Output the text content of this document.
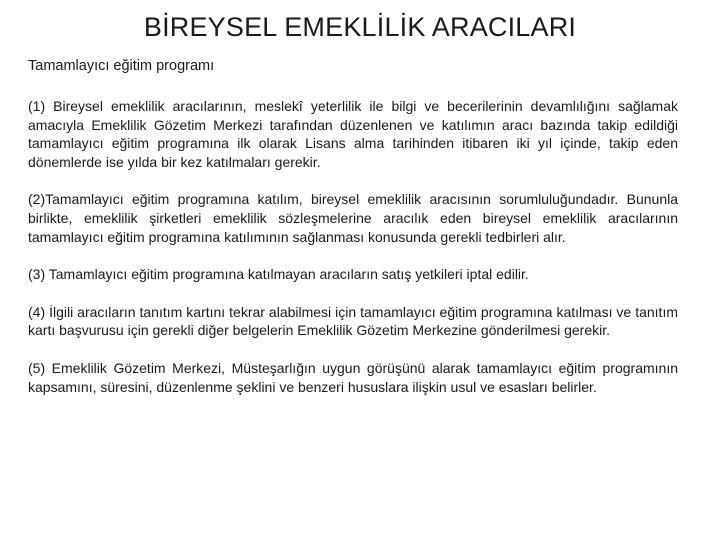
BİREYSEL EMEKLİLİK ARACILARI

Tamamlayıcı eğitim programı

(1) Bireysel emeklilik aracılarının, meslekî yeterlilik ile bilgi ve becerilerinin devamlılığını sağlamak amacıyla Emeklilik Gözetim Merkezi tarafından düzenlenen ve katılımın aracı bazında takip edildiği tamamlayıcı eğitim programına ilk olarak Lisans alma tarihinden itibaren iki yıl içinde, takip eden dönemlerde ise yılda bir kez katılmaları gerekir.

(2)Tamamlayıcı eğitim programına katılım, bireysel emeklilik aracısının sorumluluğundadır. Bununla birlikte, emeklilik şirketleri emeklilik sözleşmelerine aracılık eden bireysel emeklilik aracılarının tamamlayıcı eğitim programına katılımının sağlanması konusunda gerekli tedbirleri alır.

(3) Tamamlayıcı eğitim programına katılmayan aracıların satış yetkileri iptal edilir.

(4) İlgili aracıların tanıtım kartını tekrar alabilmesi için tamamlayıcı eğitim programına katılması ve tanıtım kartı başvurusu için gerekli diğer belgelerin Emeklilik Gözetim Merkezine gönderilmesi gerekir.

(5) Emeklilik Gözetim Merkezi, Müsteşarlığın uygun görüşünü alarak tamamlayıcı eğitim programının kapsamını, süresini, düzenlenme şeklini ve benzeri hususlara ilişkin usul ve esasları belirler.
